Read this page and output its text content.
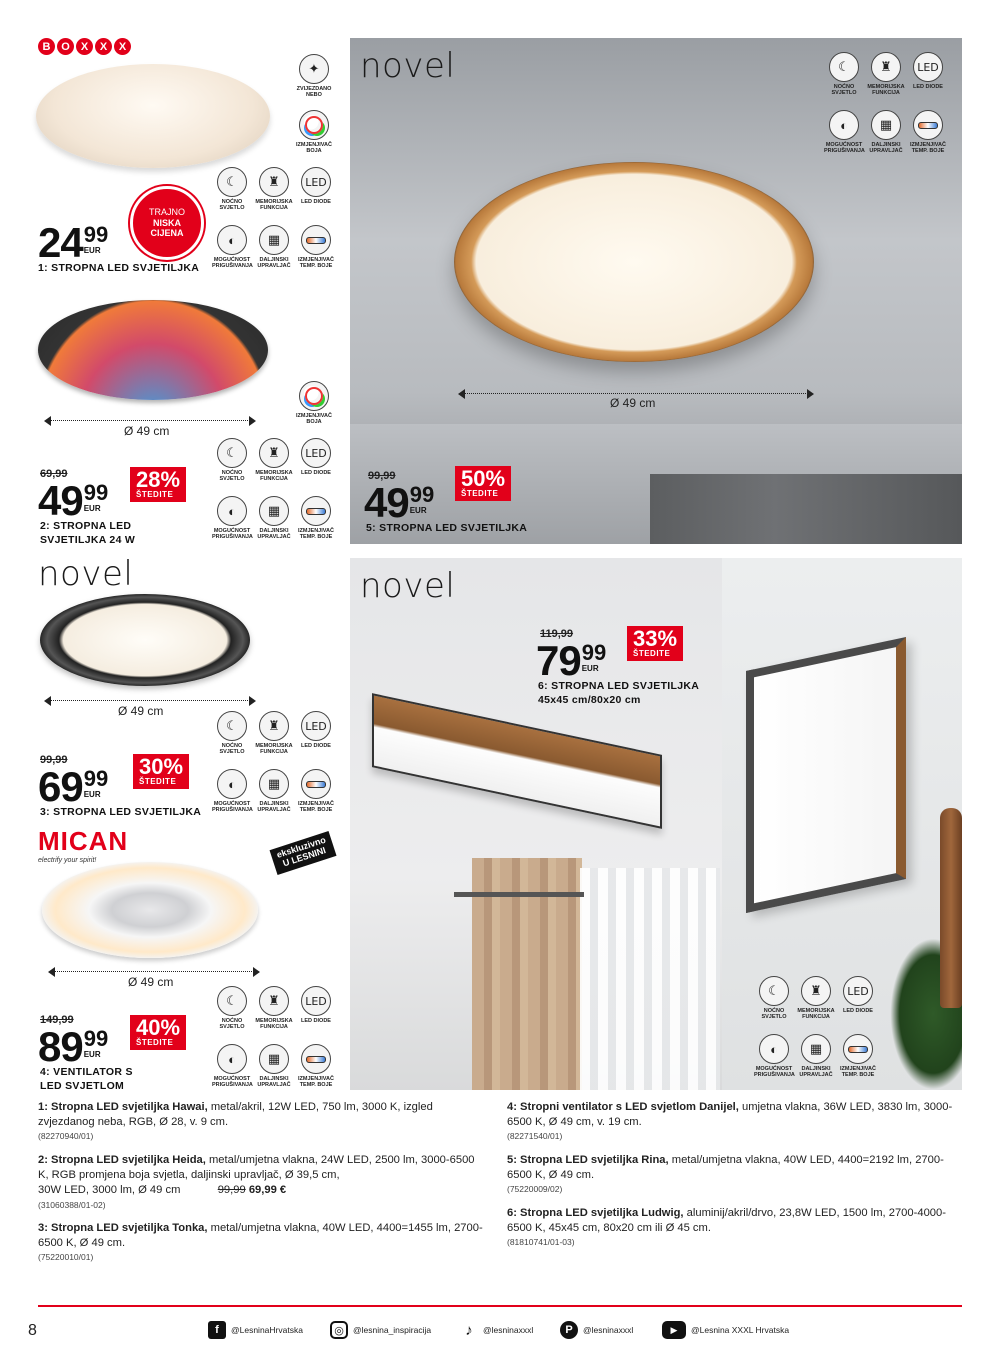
B O	X	X	X
TRAJNO
NISKA
CIJENA
24 99
EUR
1: STROPNA LED SVJETILJKA
✦
ZVIJEZDANO NEBO
IZMJENJIVAČ BOJA
☾
NOĆNO SVJETLO
♜
MEMORIJSKA FUNKCIJA
LED
LED DIODE
◐
MOGUĆNOST PRIGUŠIVANJA
▦
DALJINSKI UPRAVLJAČ
IZMJENJIVAČ TEMP. BOJE
Ø 49 cm
IZMJENJIVAČ BOJA
☾
NOĆNO SVJETLO
♜
MEMORIJSKA FUNKCIJA
LED
LED DIODE
◐
MOGUĆNOST PRIGUŠIVANJA
▦
DALJINSKI UPRAVLJAČ
IZMJENJIVAČ TEMP. BOJE
69,99
49 99
EUR
28%
ŠTEDITE
2: STROPNA LED SVJETILJKA 24 W
novel
Ø 49 cm
☾
NOĆNO SVJETLO
♜
MEMORIJSKA FUNKCIJA
LED
LED DIODE
◐
MOGUĆNOST PRIGUŠIVANJA
▦
DALJINSKI UPRAVLJAČ
IZMJENJIVAČ TEMP. BOJE
99,99
69 99
EUR
30%
ŠTEDITE
3: STROPNA LED SVJETILJKA
MICAN
electrify your spirit!
ekskluzivno U LESNINI
Ø 49 cm
☾
NOĆNO SVJETLO
♜
MEMORIJSKA FUNKCIJA
LED
LED DIODE
◐
MOGUĆNOST PRIGUŠIVANJA
▦
DALJINSKI UPRAVLJAČ
IZMJENJIVAČ TEMP. BOJE
149,99
89 99
EUR
40%
ŠTEDITE
4: VENTILATOR S LED SVJETLOM
Ø 49 cm
novel	☾
NOĆNO SVJETLO
♜
MEMORIJSKA FUNKCIJA
LED
LED DIODE
◐
MOGUĆNOST PRIGUŠIVANJA
▦
DALJINSKI UPRAVLJAČ
IZMJENJIVAČ TEMP. BOJE
99,99
49 99
EUR
50%
ŠTEDITE
5: STROPNA LED SVJETILJKA
novel
119,99
79 99
EUR
33%
ŠTEDITE
6: STROPNA LED SVJETILJKA
45x45 cm/80x20 cm
☾
NOĆNO SVJETLO
♜
MEMORIJSKA FUNKCIJA
LED
LED DIODE
◐
MOGUĆNOST PRIGUŠIVANJA
▦
DALJINSKI UPRAVLJAČ
IZMJENJIVAČ TEMP. BOJE
1: Stropna LED svjetiljka Hawai, metal/akril, 12W LED, 750 lm, 3000 K, izgled zvjezdanog neba, RGB, Ø 28, v. 9 cm.
(82270940/01)
2: Stropna LED svjetiljka Heida, metal/umjetna vlakna, 24W LED, 2500 lm, 3000-6500 K, RGB promjena boja svjetla, daljinski upravljač, Ø 39,5 cm,
30W LED, 3000 lm, Ø 49 cm	99,99 69,99 €
(31060388/01-02)
3: Stropna LED svjetiljka Tonka, metal/umjetna vlakna, 40W LED, 4400=1455 lm, 2700-6500 K, Ø 49 cm.
(75220010/01)
4: Stropni ventilator s LED svjetlom Danijel, umjetna vlakna, 36W LED, 3830 lm, 3000-6500 K, Ø 49 cm, v. 19 cm.
(82271540/01)
5: Stropna LED svjetiljka Rina, metal/umjetna vlakna, 40W LED, 4400=2192 lm, 2700-6500 K, Ø 49 cm.
(75220009/02)
6: Stropna LED svjetiljka Ludwig, aluminij/akril/drvo, 23,8W LED, 1500 lm, 2700-4000-6500 K, 45x45 cm, 80x20 cm ili Ø 45 cm.
(81810741/01-03)
8	f	@LesninaHrvatska	◎	@lesnina_inspiracija	♪	@lesninaxxxl	P	@lesninaxxxl	▶	@Lesnina XXXL Hrvatska
